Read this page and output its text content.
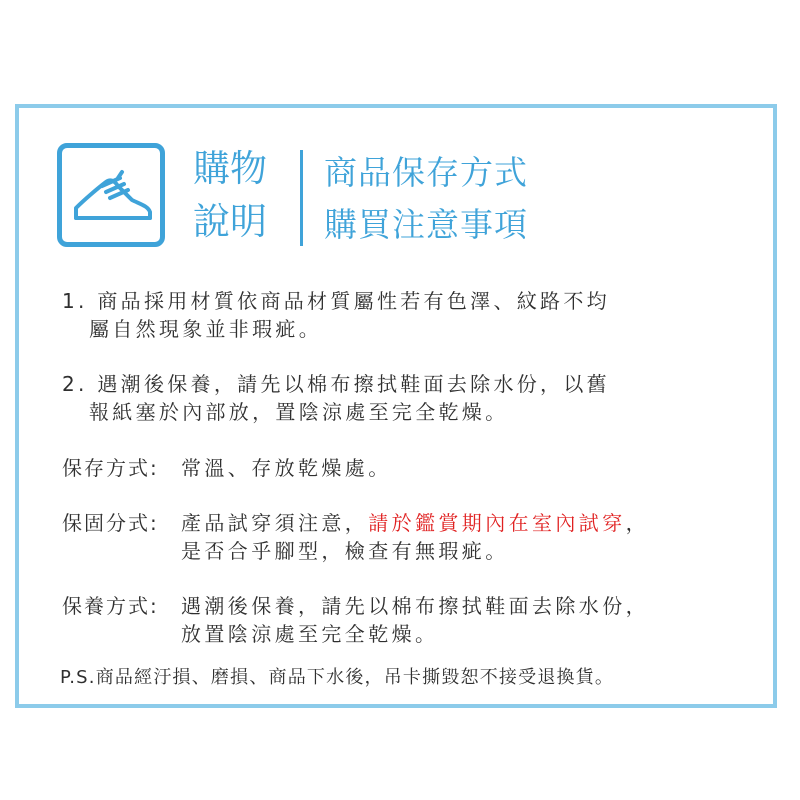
購物
說明
商品保存方式
購買注意事項
1. 商品採用材質依商品材質屬性若有色澤、紋路不均
屬自然現象並非瑕疵。
2. 遇潮後保養，請先以棉布擦拭鞋面去除水份，以舊
報紙塞於內部放，置陰涼處至完全乾燥。
保存方式: 常溫、存放乾燥處。
保固分式: 產品試穿須注意，請於鑑賞期內在室內試穿，
是否合乎腳型，檢查有無瑕疵。
保養方式: 遇潮後保養，請先以棉布擦拭鞋面去除水份，
放置陰涼處至完全乾燥。
P.S.商品經汙損、磨損、商品下水後，吊卡撕毀恕不接受退換貨。
